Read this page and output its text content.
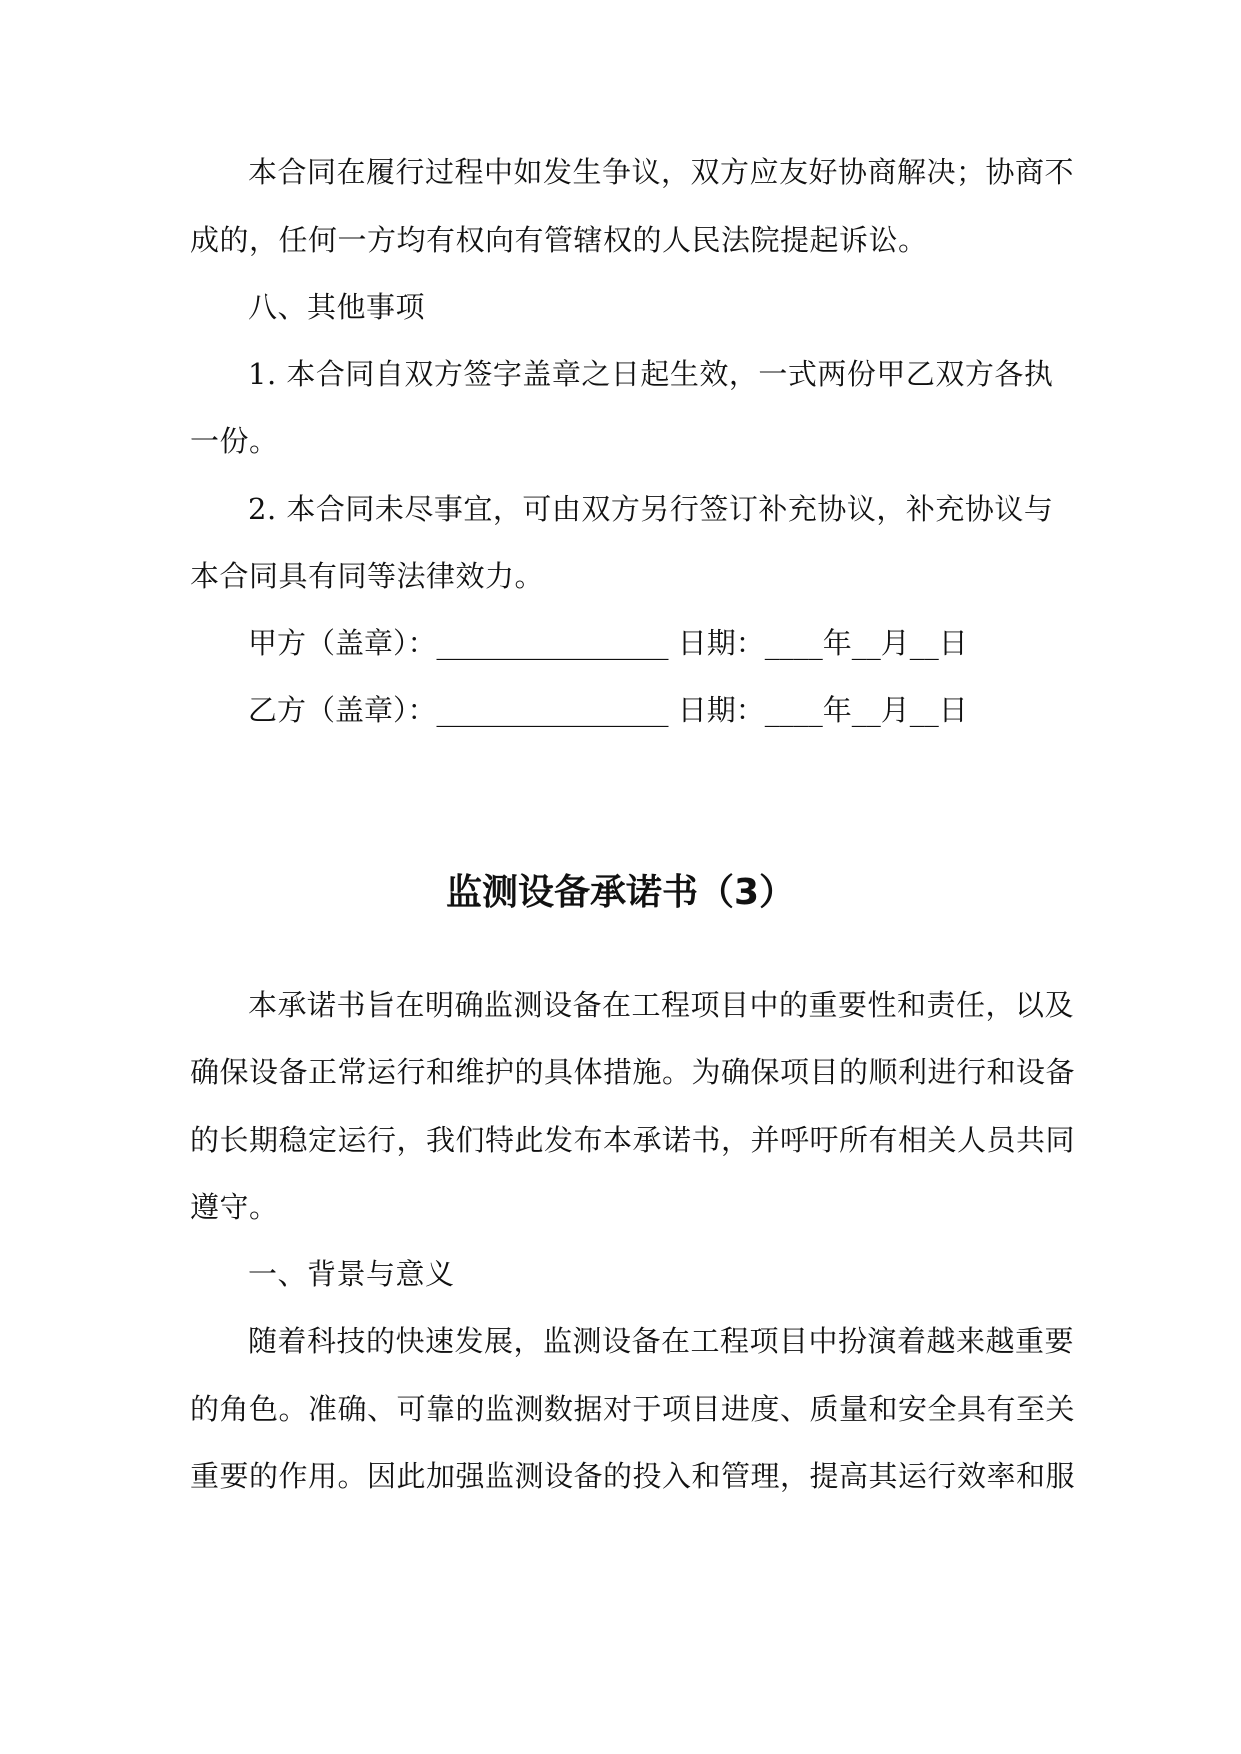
本合同在履行过程中如发生争议，双方应友好协商解决；协商不
成的，任何一方均有权向有管辖权的人民法院提起诉讼。
八、其他事项
1. 本合同自双方签字盖章之日起生效，一式两份甲乙双方各执
一份。
2. 本合同未尽事宜，可由双方另行签订补充协议，补充协议与
本合同具有同等法律效力。
甲方（盖章）：________________ 日期：____年__月__日
乙方（盖章）：________________ 日期：____年__月__日
监测设备承诺书（3）
本承诺书旨在明确监测设备在工程项目中的重要性和责任，以及
确保设备正常运行和维护的具体措施。为确保项目的顺利进行和设备
的长期稳定运行，我们特此发布本承诺书，并呼吁所有相关人员共同
遵守。
一、背景与意义
随着科技的快速发展，监测设备在工程项目中扮演着越来越重要
的角色。准确、可靠的监测数据对于项目进度、质量和安全具有至关
重要的作用。因此加强监测设备的投入和管理，提高其运行效率和服
